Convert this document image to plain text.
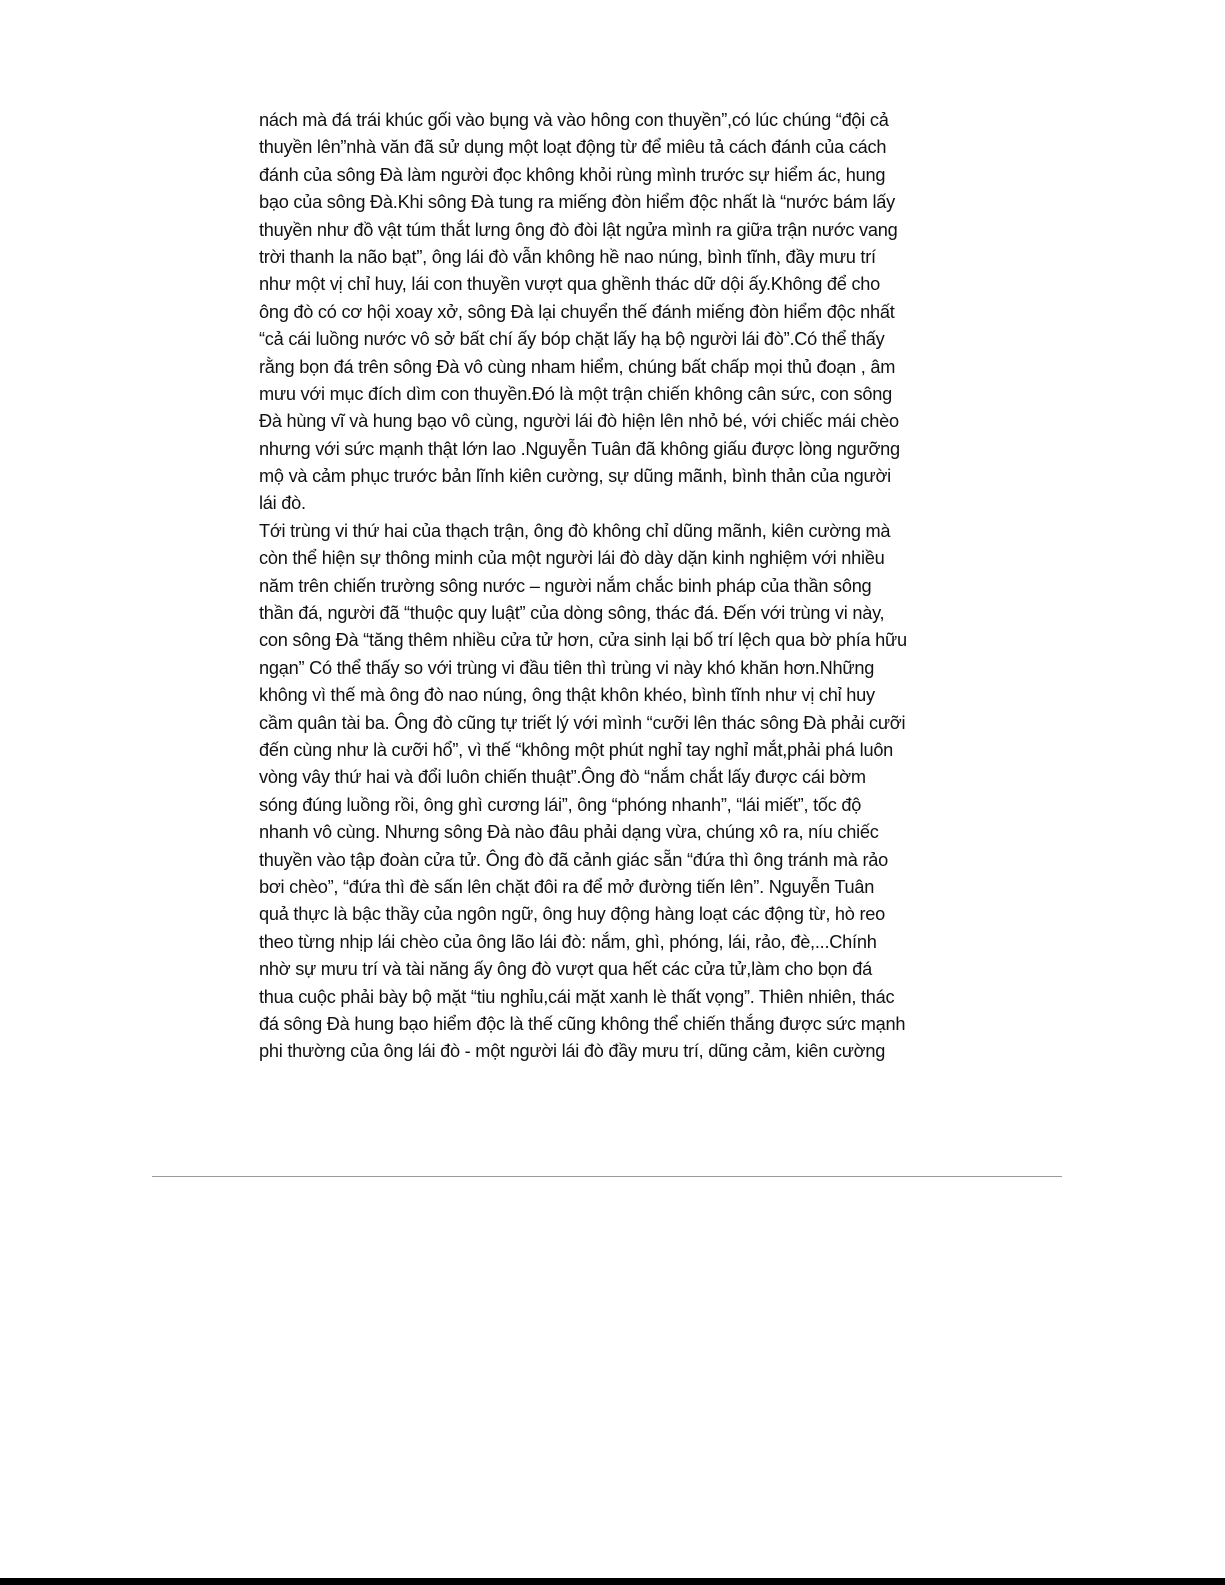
nách mà đá trái khúc gối vào bụng và vào hông con thuyền”,có lúc chúng “đội cả
thuyền lên”nhà văn đã sử dụng một loạt động từ để miêu tả cách đánh của cách
đánh của sông Đà làm người đọc không khỏi rùng mình trước sự hiểm ác, hung
bạo của sông Đà.Khi sông Đà tung ra miếng đòn hiểm độc nhất là “nước bám lấy
thuyền như đồ vật túm thắt lưng ông đò đòi lật ngửa mình ra giữa trận nước vang
trời thanh la não bạt”, ông lái đò vẫn không hề nao núng, bình tĩnh, đầy mưu trí
như một vị chỉ huy, lái con thuyền vượt qua ghềnh thác dữ dội ấy.Không để cho
ông đò có cơ hội xoay xở, sông Đà lại chuyển thế đánh miếng đòn hiểm độc nhất
“cả cái luồng nước vô sở bất chí ấy bóp chặt lấy hạ bộ người lái đò”.Có thể thấy
rằng bọn đá trên sông Đà vô cùng nham hiểm, chúng bất chấp mọi thủ đoạn , âm
mưu với mục đích dìm con thuyền.Đó là một trận chiến không cân sức, con sông
Đà hùng vĩ và hung bạo vô cùng, người lái đò hiện lên nhỏ bé, với chiếc mái chèo
nhưng với sức mạnh thật lớn lao .Nguyễn Tuân đã không giấu được lòng ngưỡng
mộ và cảm phục trước bản lĩnh kiên cường, sự dũng mãnh, bình thản của người
lái đò.
Tới trùng vi thứ hai của thạch trận, ông đò không chỉ dũng mãnh, kiên cường mà
còn thể hiện sự thông minh của một người lái đò dày dặn kinh nghiệm với nhiều
năm trên chiến trường sông nước – người nắm chắc binh pháp của thần sông
thần đá, người đã “thuộc quy luật” của dòng sông, thác đá. Đến với trùng vi này,
con sông Đà “tăng thêm nhiều cửa tử hơn, cửa sinh lại bố trí lệch qua bờ phía hữu
ngạn” Có thể thấy so với trùng vi đầu tiên thì trùng vi này khó khăn hơn.Những
không vì thế mà ông đò nao núng, ông thật khôn khéo, bình tĩnh như vị chỉ huy
cầm quân tài ba. Ông đò cũng tự triết lý với mình “cưỡi lên thác sông Đà phải cưỡi
đến cùng như là cưỡi hổ”, vì thế “không một phút nghỉ tay nghỉ mắt,phải phá luôn
vòng vây thứ hai và đổi luôn chiến thuật”.Ông đò “nắm chắt lấy được cái bờm
sóng đúng luồng rồi, ông ghì cương lái”, ông “phóng nhanh”, “lái miết”, tốc độ
nhanh vô cùng. Nhưng sông Đà nào đâu phải dạng vừa, chúng xô ra, níu chiếc
thuyền vào tập đoàn cửa tử. Ông đò đã cảnh giác sẵn “đứa thì ông tránh mà rảo
bơi chèo”, “đứa thì đè sấn lên chặt đôi ra để mở đường tiến lên”. Nguyễn Tuân
quả thực là bậc thầy của ngôn ngữ, ông huy động hàng loạt các động từ, hò reo
theo từng nhịp lái chèo của ông lão lái đò: nắm, ghì, phóng, lái, rảo, đè,...Chính
nhờ sự mưu trí và tài năng ấy ông đò vượt qua hết các cửa tử,làm cho bọn đá
thua cuộc phải bày bộ mặt “tiu nghỉu,cái mặt xanh lè thất vọng”. Thiên nhiên, thác
đá sông Đà hung bạo hiểm độc là thế cũng không thể chiến thắng được sức mạnh
phi thường của ông lái đò - một người lái đò đầy mưu trí, dũng cảm, kiên cường
